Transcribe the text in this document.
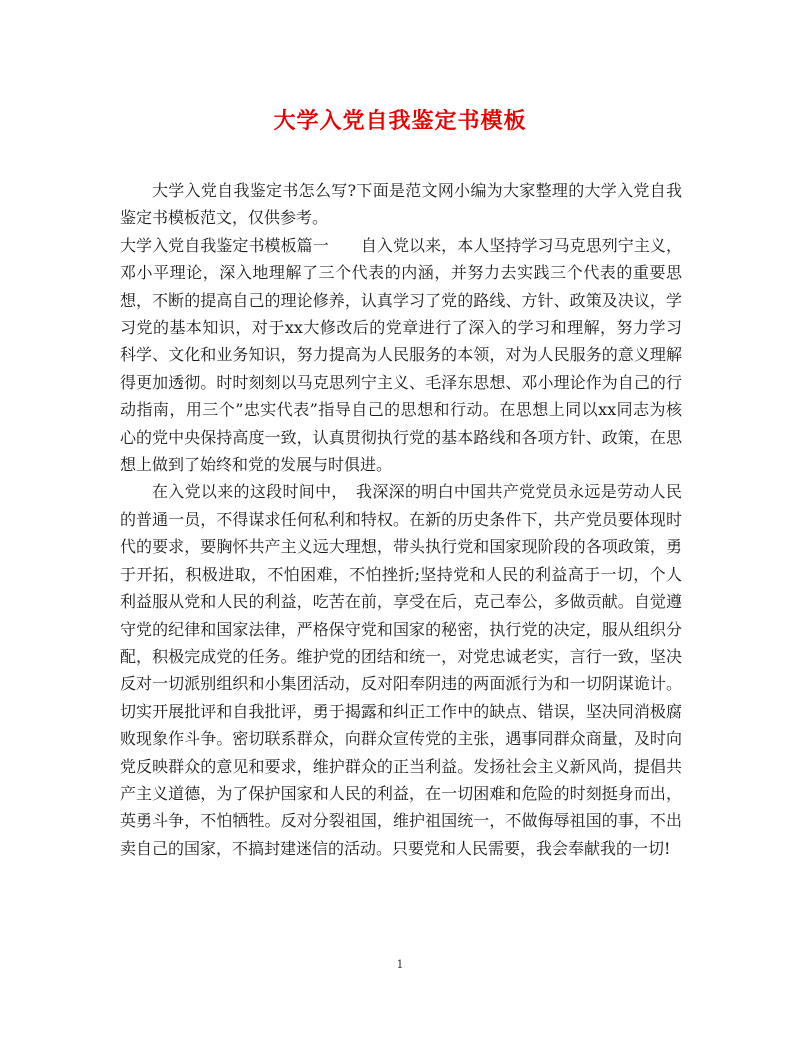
大学入党自我鉴定书模板

大学入党自我鉴定书怎么写?下面是范文网小编为大家整理的大学入党自我鉴定书模板范文，仅供参考。

大学入党自我鉴定书模板篇一　　自入党以来，本人坚持学习马克思列宁主义，邓小平理论，深入地理解了三个代表的内涵，并努力去实践三个代表的重要思想，不断的提高自己的理论修养，认真学习了党的路线、方针、政策及决议，学习党的基本知识，对于xx大修改后的党章进行了深入的学习和理解，努力学习科学、文化和业务知识，努力提高为人民服务的本领，对为人民服务的意义理解得更加透彻。时时刻刻以马克思列宁主义、毛泽东思想、邓小理论作为自己的行动指南，用三个”忠实代表”指导自己的思想和行动。在思想上同以xx同志为核心的党中央保持高度一致，认真贯彻执行党的基本路线和各项方针、政策，在思想上做到了始终和党的发展与时俱进。

在入党以来的这段时间中，　我深深的明白中国共产党党员永远是劳动人民的普通一员，不得谋求任何私利和特权。在新的历史条件下，共产党员要体现时代的要求，要胸怀共产主义远大理想，带头执行党和国家现阶段的各项政策，勇于开拓，积极进取，不怕困难，不怕挫折;坚持党和人民的利益高于一切，个人利益服从党和人民的利益，吃苦在前，享受在后，克己奉公，多做贡献。自觉遵守党的纪律和国家法律，严格保守党和国家的秘密，执行党的决定，服从组织分配，积极完成党的任务。维护党的团结和统一，对党忠诚老实，言行一致，坚决反对一切派别组织和小集团活动，反对阳奉阴违的两面派行为和一切阴谋诡计。切实开展批评和自我批评，勇于揭露和纠正工作中的缺点、错误，坚决同消极腐败现象作斗争。密切联系群众，向群众宣传党的主张，遇事同群众商量，及时向党反映群众的意见和要求，维护群众的正当利益。发扬社会主义新风尚，提倡共产主义道德，为了保护国家和人民的利益，在一切困难和危险的时刻挺身而出，英勇斗争，不怕牺牲。反对分裂祖国，维护祖国统一，不做侮辱祖国的事，不出卖自己的国家，不搞封建迷信的活动。只要党和人民需要，我会奉献我的一切!

1
